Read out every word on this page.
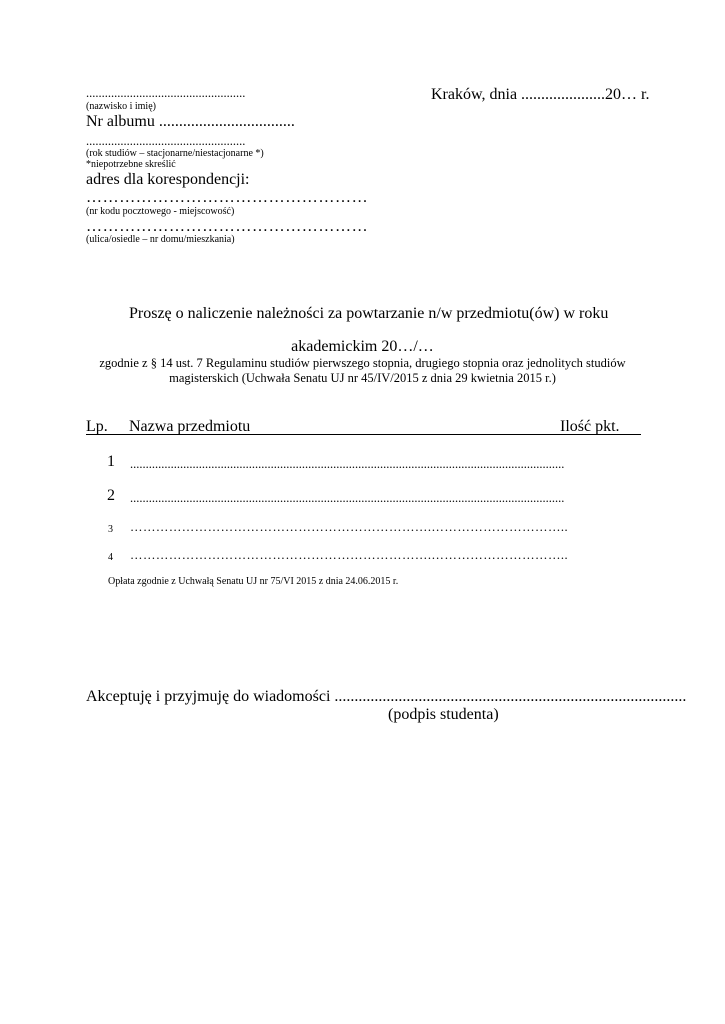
...................................................
(nazwisko i imię)
Kraków, dnia .....................20… r.
Nr albumu ..................................
...................................................
(rok studiów – stacjonarne/niestacjonarne *)
*niepotrzebne skreślić
adres dla korespondencji:
……………………………………………
(nr kodu pocztowego - miejscowość)
……………………………………………
(ulica/osiedle – nr domu/mieszkania)
Proszę o naliczenie należności za powtarzanie n/w przedmiotu(ów) w roku
akademickim 20…/…
zgodnie z § 14 ust. 7 Regulaminu studiów pierwszego stopnia, drugiego stopnia oraz jednolitych studiów
magisterskich (Uchwała Senatu UJ nr 45/IV/2015 z dnia 29 kwietnia 2015 r.)
Lp. Nazwa przedmiotu	Ilość pkt.
1 ...........................................................................................................................................
2 ...........................................................................................................................................
3 …………………………………………………………….…………………………..
4 …………………………………………………………….…………………………..
Opłata zgodnie z Uchwałą Senatu UJ nr 75/VI 2015 z dnia 24.06.2015 r.
Akceptuję i przyjmuję do wiadomości ........................................................................................
(podpis studenta)
